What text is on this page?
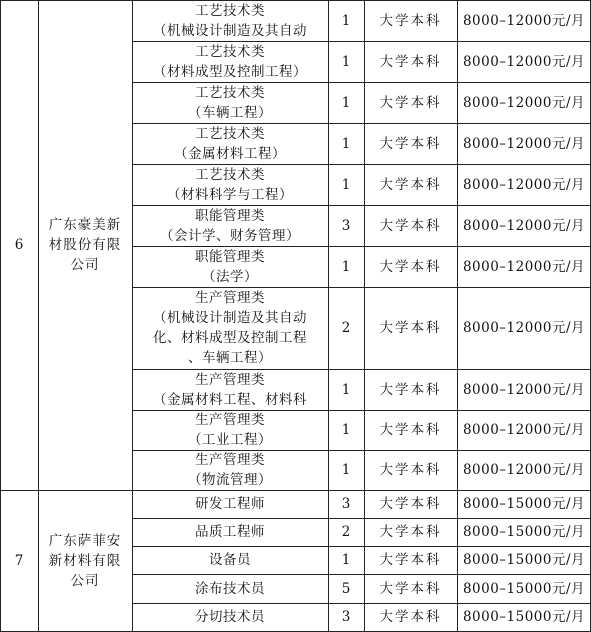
6
广东豪美新材股份有限公司
工艺技术类
（机械设计制造及其自动
1	大学本科	8000–12000元/月
工艺技术类
（材料成型及控制工程）
1	大学本科	8000–12000元/月
工艺技术类
（车辆工程）
1	大学本科	8000–12000元/月
工艺技术类
（金属材料工程）
1	大学本科	8000–12000元/月
工艺技术类
（材料科学与工程）
1	大学本科	8000–12000元/月
职能管理类
（会计学、财务管理）
3	大学本科	8000–12000元/月
职能管理类
（法学）
1	大学本科	8000–12000元/月
生产管理类
（机械设计制造及其自动
化、材料成型及控制工程
、车辆工程）
2	大学本科	8000–12000元/月
生产管理类
（金属材料工程、材料科
1	大学本科	8000–12000元/月
生产管理类
（工业工程）
1	大学本科	8000–12000元/月
生产管理类
（物流管理）
1	大学本科	8000–12000元/月
7
广东萨菲安新材料有限公司
研发工程师	3	大学本科	8000–15000元/月
品质工程师	2	大学本科	8000–15000元/月
设备员	1	大学本科	8000–15000元/月
涂布技术员	5	大学本科	8000–15000元/月
分切技术员	3	大学本科	8000–15000元/月
